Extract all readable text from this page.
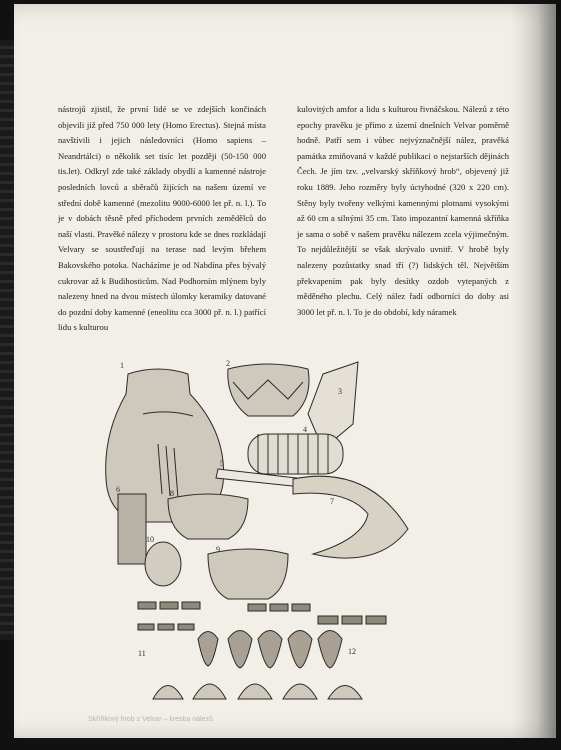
nástrojů zjistil, že první lidé se ve zdejších končinách objevili již před 750 000 lety (Homo Erectus). Stejná místa navštívili i jejich následovníci (Homo sapiens – Neandrtálci) o několik set tisíc let později (50-150 000 tis.let). Odkryl zde také základy obydlí a kamenné nástroje posledních lovců a sběračů žijících na našem území ve střední době kamenné (mezolitu 9000-6000 let př. n. l.). To je v dobách těsně před příchodem prvních zemědělců do naší vlasti. Pravěké nálezy v prostoru kde se dnes rozkládají Velvary se soustřeďují na terase nad levým břehem Bakovského potoka. Nacházíme je od Nabdína přes bývalý cukrovar až k Budihosticům. Nad Podhorním mlýnem byly nalezeny hned na dvou místech úlomky keramiky datované do pozdní doby kamenné (eneolitu cca 3000 př. n. l.) patřící lidu s kulturou

kulovitých amfor a lidu s kulturou řivnáčskou. Nálezů z této epochy pravěku je přímo z území dnešních Velvar poměrně hodně. Patří sem i vůbec nejvýznačnější nález, pravěká památka zmiňovaná v každé publikaci o nejstarších dějinách Čech. Je jím tzv. „velvarský skříňkový hrob“, objevený již roku 1889. Jeho rozměry byly úctyhodné (320 x 220 cm). Stěny byly tvořeny velkými kamennými plotnami vysokými až 60 cm a silnými 35 cm. Tato impozantní kamenná skříňka je sama o sobě v našem pravěku nálezem zcela výjimečným. To nejdůležitější se však skrývalo uvnitř. V hrobě byly nalezeny pozůstatky snad tří (?) lidských těl. Největším překvapením pak byly desítky ozdob vytepaných z měděného plechu. Celý nález řadí odborníci do doby asi 3000 let př. n. l. To je do období, kdy náramek

1	2
3
4
5
6
7
8
9
10
11	12
Skříňkový hrob z Velvar – kresba nálezů
